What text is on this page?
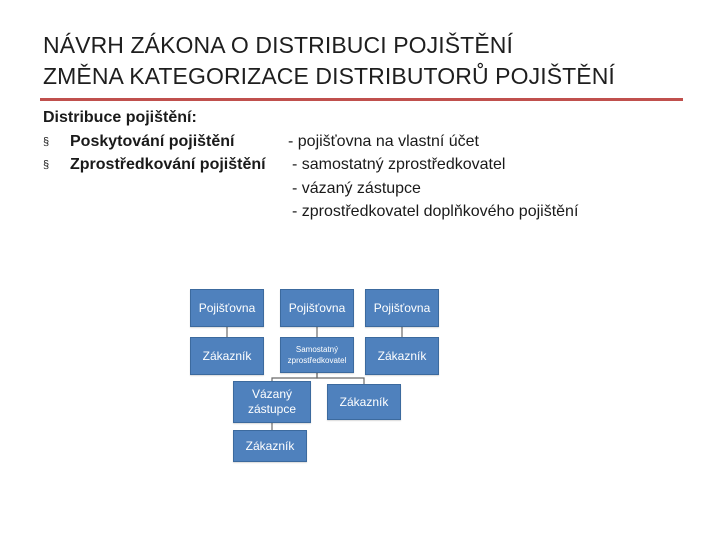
NÁVRH ZÁKONA O DISTRIBUCI POJIŠTĚNÍ
ZMĚNA KATEGORIZACE DISTRIBUTORŮ POJIŠTĚNÍ
Distribuce pojištění:
§ Poskytování pojištění	- pojišťovna na vlastní účet
§ Zprostředkování pojištění - samostatný zprostředkovatel
- vázaný zástupce
- zprostředkovatel doplňkového pojištění
Pojišťovna	Pojišťovna	Pojišťovna
Zákazník	Samostatný zprostředkovatel	Zákazník
Vázaný zástupce
Zákazník
Zákazník
